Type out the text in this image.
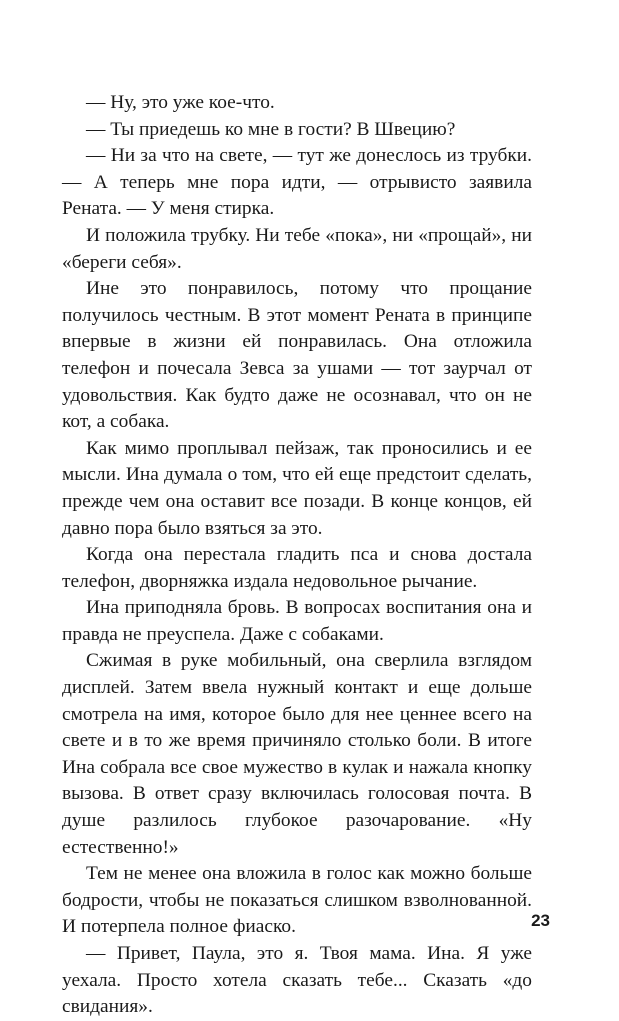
— Ну, это уже кое-что.

— Ты приедешь ко мне в гости? В Швецию?

— Ни за что на свете, — тут же донеслось из трубки. — А теперь мне пора идти, — отрывисто заявила Рената. — У меня стирка.

И положила трубку. Ни тебе «пока», ни «прощай», ни «береги себя».

Ине это понравилось, потому что прощание получилось честным. В этот момент Рената в принципе впервые в жизни ей понравилась. Она отложила телефон и почесала Зевса за ушами — тот заурчал от удовольствия. Как будто даже не осознавал, что он не кот, а собака.

Как мимо проплывал пейзаж, так проносились и ее мысли. Ина думала о том, что ей еще предстоит сделать, прежде чем она оставит все позади. В конце концов, ей давно пора было взяться за это.

Когда она перестала гладить пса и снова достала телефон, дворняжка издала недовольное рычание.

Ина приподняла бровь. В вопросах воспитания она и правда не преуспела. Даже с собаками.

Сжимая в руке мобильный, она сверлила взглядом дисплей. Затем ввела нужный контакт и еще дольше смотрела на имя, которое было для нее ценнее всего на свете и в то же время причиняло столько боли. В итоге Ина собрала все свое мужество в кулак и нажала кнопку вызова. В ответ сразу включилась голосовая почта. В душе разлилось глубокое разочарование. «Ну естественно!»

Тем не менее она вложила в голос как можно больше бодрости, чтобы не показаться слишком взволнованной. И потерпела полное фиаско.

— Привет, Паула, это я. Твоя мама. Ина. Я уже уехала. Просто хотела сказать тебе... Сказать «до свидания».

23
